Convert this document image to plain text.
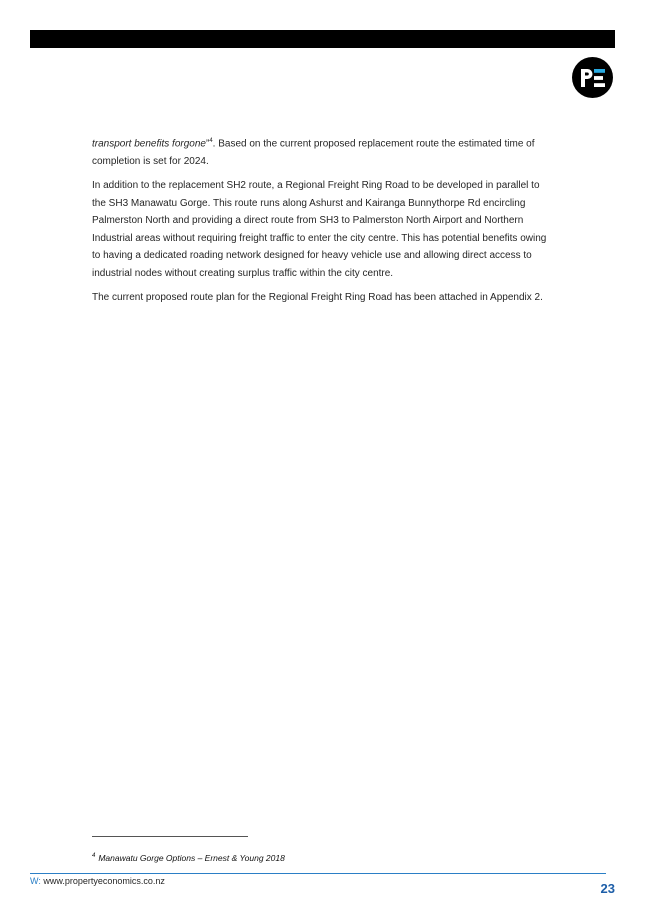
transport benefits forgone”$^4$. Based on the current proposed replacement route the estimated time of completion is set for 2024.

In addition to the replacement SH2 route, a Regional Freight Ring Road to be developed in parallel to the SH3 Manawatu Gorge. This route runs along Ashurst and Kairanga Bunnythorpe Rd encircling Palmerston North and providing a direct route from SH3 to Palmerston North Airport and Northern Industrial areas without requiring freight traffic to enter the city centre. This has potential benefits owing to having a dedicated roading network designed for heavy vehicle use and allowing direct access to industrial nodes without creating surplus traffic within the city centre.

The current proposed route plan for the Regional Freight Ring Road has been attached in Appendix 2.

$^4$ Manawatu Gorge Options – Ernest & Young 2018
W: www.propertyeconomics.co.nz	23
